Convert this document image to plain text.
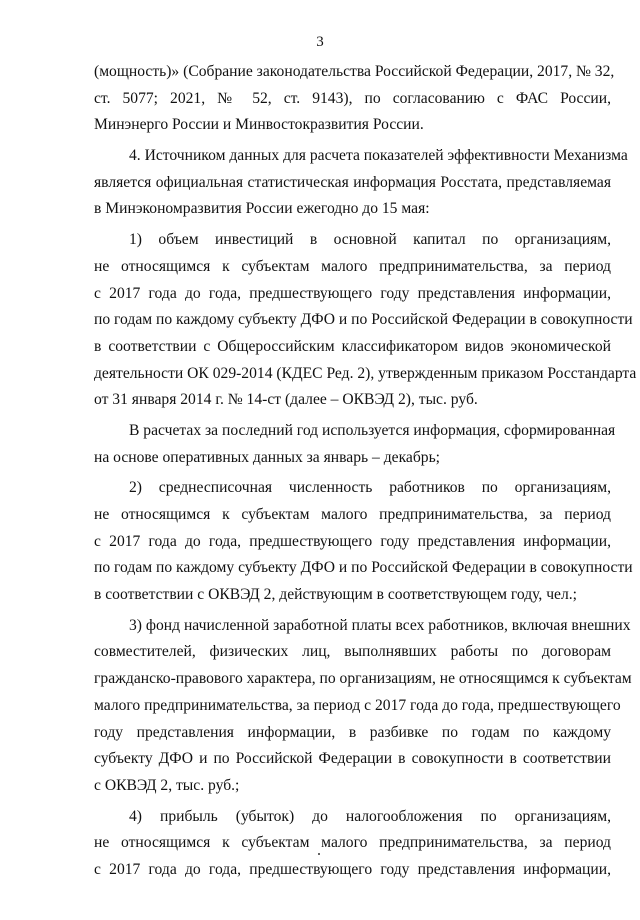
3

(мощность)» (Собрание законодательства Российской Федерации, 2017, № 32,
ст. 5077; 2021, № 52, ст. 9143), по согласованию с ФАС России,
Минэнерго России и Минвостокразвития России.

4. Источником данных для расчета показателей эффективности Механизма
является официальная статистическая информация Росстата, представляемая
в Минэкономразвития России ежегодно до 15 мая:

1) объем инвестиций в основной капитал по организациям,
не относящимся к субъектам малого предпринимательства, за период
с 2017 года до года, предшествующего году представления информации,
по годам по каждому субъекту ДФО и по Российской Федерации в совокупности
в соответствии с Общероссийским классификатором видов экономической
деятельности ОК 029-2014 (КДЕС Ред. 2), утвержденным приказом Росстандарта
от 31 января 2014 г. № 14-ст (далее – ОКВЭД 2), тыс. руб.

В расчетах за последний год используется информация, сформированная
на основе оперативных данных за январь – декабрь;

2) среднесписочная численность работников по организациям,
не относящимся к субъектам малого предпринимательства, за период
с 2017 года до года, предшествующего году представления информации,
по годам по каждому субъекту ДФО и по Российской Федерации в совокупности
в соответствии с ОКВЭД 2, действующим в соответствующем году, чел.;

3) фонд начисленной заработной платы всех работников, включая внешних
совместителей, физических лиц, выполнявших работы по договорам
гражданско-правового характера, по организациям, не относящимся к субъектам
малого предпринимательства, за период с 2017 года до года, предшествующего
году представления информации, в разбивке по годам по каждому
субъекту ДФО и по Российской Федерации в совокупности в соответствии
с ОКВЭД 2, тыс. руб.;

4) прибыль (убыток) до налогообложения по организациям,
не относящимся к субъектам малого предпринимательства, за период
с 2017 года до года, предшествующего году представления информации,
